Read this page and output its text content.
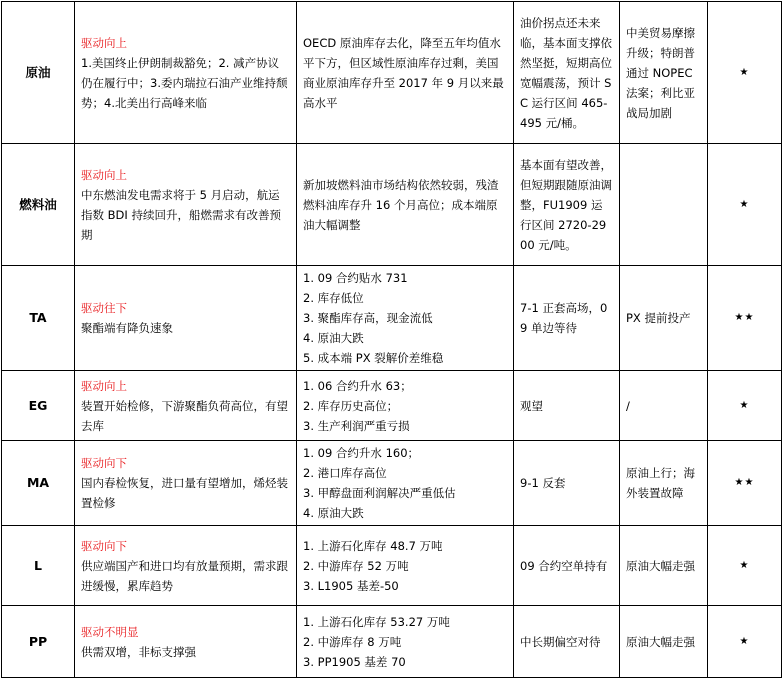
原油	驱动向上
1.美国终止伊朗制裁豁免；2. 减产协议仍在履行中；3.委内瑞拉石油产业维持颓势；4.北美出行高峰来临	OECD 原油库存去化，降至五年均值水平下方，但区域性原油库存过剩，美国商业原油库存升至 2017 年 9 月以来最高水平	油价拐点还未来临，基本面支撑依然坚挺，短期高位宽幅震荡，预计 SC 运行区间 465-495 元/桶。	中美贸易摩擦升级；特朗普通过 NOPEC 法案；利比亚战局加剧	★
燃料油	驱动向上
中东燃油发电需求将于 5 月启动，航运指数 BDI 持续回升，船燃需求有改善预期	新加坡燃料油市场结构依然较弱，残渣燃料油库存升 16 个月高位；成本端原油大幅调整	基本面有望改善，但短期跟随原油调整，FU1909 运行区间 2720-2900 元/吨。		★
TA	驱动往下
聚酯端有降负速象	1. 09 合约贴水 731
2. 库存低位
3. 聚酯库存高，现金流低
4. 原油大跌
5. 成本端 PX 裂解价差维稳	7-1 正套高场，09 单边等待	PX 提前投产	★★
EG	驱动向上
装置开始检修，下游聚酯负荷高位，有望去库	1. 06 合约升水 63；
2. 库存历史高位；
3. 生产利润严重亏损	观望	/	★
MA	驱动向下
国内春检恢复，进口量有望增加，烯烃装置检修	1. 09 合约升水 160；
2. 港口库存高位
3. 甲醇盘面利润解决严重低估
4. 原油大跌	9-1 反套	原油上行；海外装置故障	★★
L	驱动向下
供应端国产和进口均有放量预期，需求跟进缓慢，累库趋势	1. 上游石化库存 48.7 万吨
2. 中游库存 52 万吨
3. L1905 基差-50	09 合约空单持有	原油大幅走强	★
PP	驱动不明显
供需双增，非标支撑强	1. 上游石化库存 53.27 万吨
2. 中游库存 8 万吨
3. PP1905 基差 70	中长期偏空对待	原油大幅走强	★
